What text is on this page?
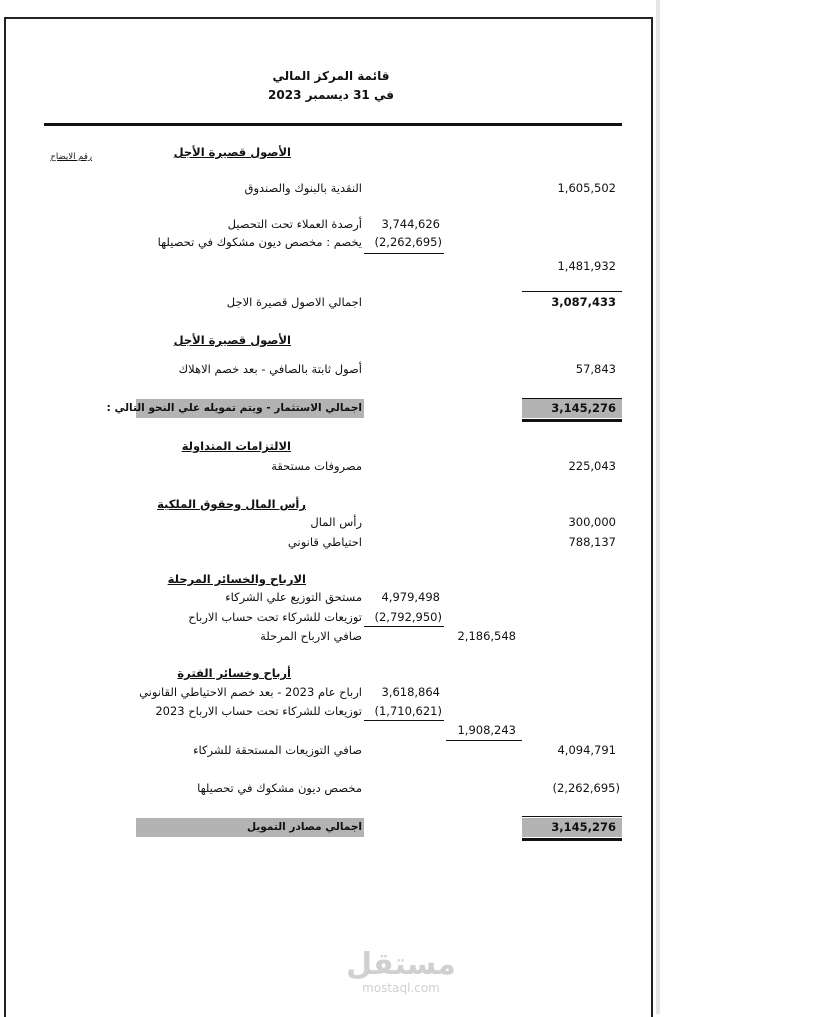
قائمة المركز المالي
في 31 ديسمبر 2023
رقم الايضاح	الأصول قصيرة الأجل
النقدية بالبنوك والصندوق	1,605,502
أرصدة العملاء تحت التحصيل	3,744,626
يخصم : مخصص ديون مشكوك في تحصيلها	(2,262,695)
1,481,932
اجمالي الاصول قصيرة الاجل	3,087,433
الأصول قصيرة الأجل
أصول ثابتة بالصافي - بعد خصم الاهلاك	57,843
اجمالي الاستثمار - ويتم تمويله علي النحو التالي :	3,145,276
الالتزامات المتداولة
مصروفات مستحقة	225,043
رأس المال وحقوق الملكية
رأس المال	300,000
احتياطي قانوني	788,137
الارباح والخسائر المرحلة
مستحق التوزيع علي الشركاء	4,979,498
توزيعات للشركاء تحت حساب الارباح	(2,792,950)
صافي الارباح المرحلة	2,186,548
أرباح وخسائر الفترة
ارباح عام 2023 - بعد خصم الاحتياطي القانوني	3,618,864
توزيعات للشركاء تحت حساب الارباح 2023	(1,710,621)
1,908,243
صافي التوزيعات المستحقة للشركاء	4,094,791
مخصص ديون مشكوك في تحصيلها	(2,262,695)
اجمالي مصادر التمويل	3,145,276
مستقل
mostaql.com
